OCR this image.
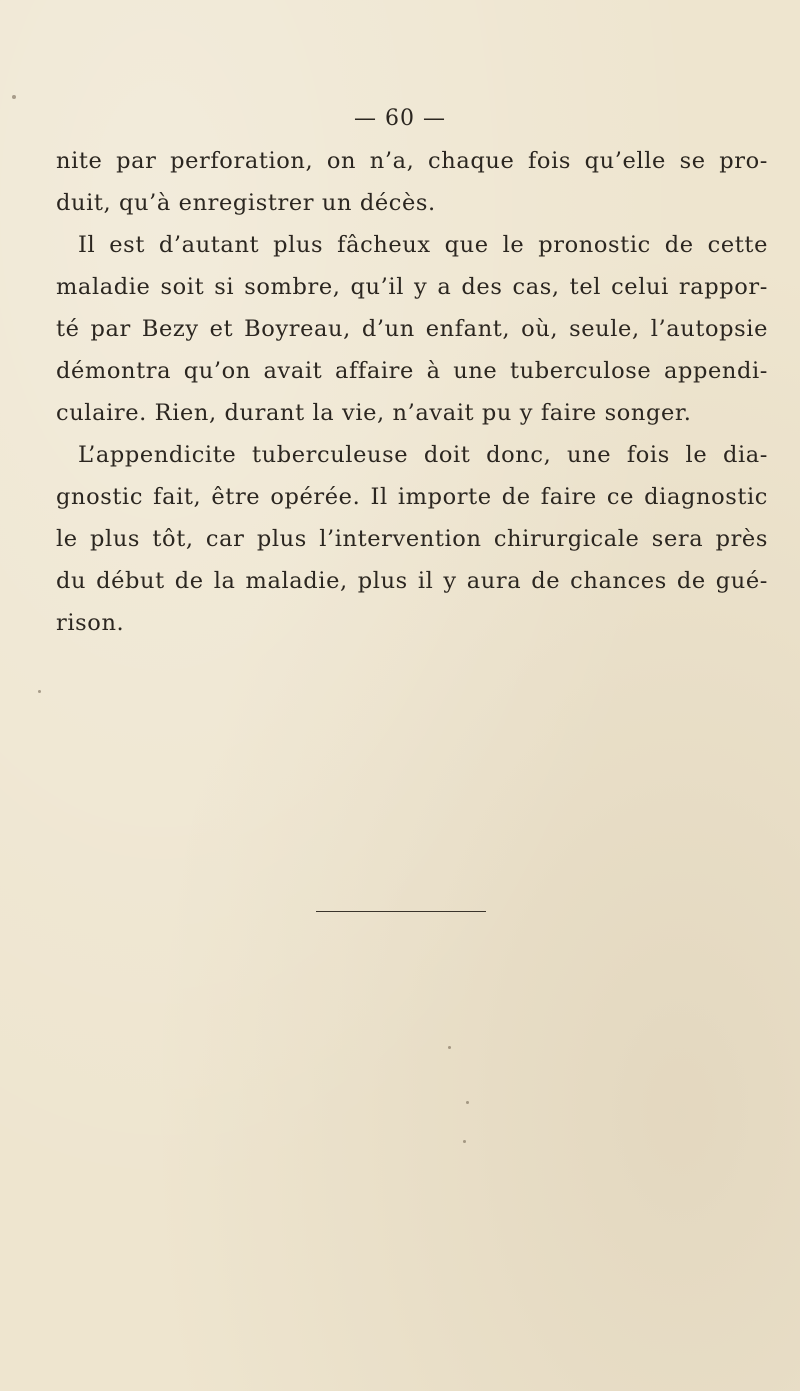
— 60 —
nite par perforation, on n’a, chaque fois qu’elle se pro-
duit, qu’à enregistrer un décès.
Il est d’autant plus fâcheux que le pronostic de cette
maladie soit si sombre, qu’il y a des cas, tel celui rappor-
té par Bezy et Boyreau, d’un enfant, où, seule, l’autopsie
démontra qu’on avait affaire à une tuberculose appendi-
culaire. Rien, durant la vie, n’avait pu y faire songer.
L’appendicite tuberculeuse doit donc, une fois le dia-
gnostic fait, être opérée. Il importe de faire ce diagnostic
le plus tôt, car plus l’intervention chirurgicale sera près
du début de la maladie, plus il y aura de chances de gué-
rison.
